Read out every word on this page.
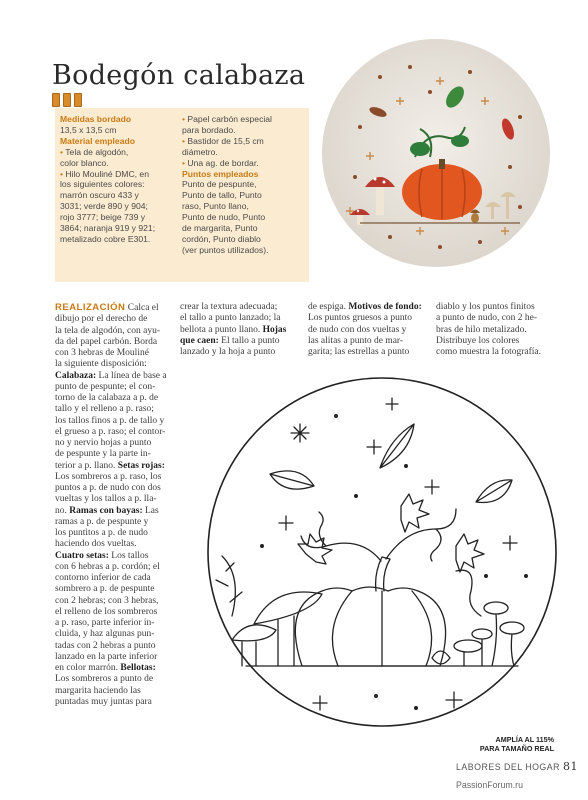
Bodegón calabaza
Medidas bordado
13,5 x 13,5 cm
Material empleado
• Tela de algodón,
color blanco.
• Hilo Mouliné DMC, en
los siguientes colores:
marrón oscuro 433 y
3031; verde 890 y 904;
rojo 3777; beige 739 y
3864; naranja 919 y 921;
metalizado cobre E301.
• Papel carbón especial
para bordado.
• Bastidor de 15,5 cm
diámetro.
• Una ag. de bordar.
Puntos empleados
Punto de pespunte,
Punto de tallo, Punto
raso, Punto llano,
Punto de nudo, Punto
de margarita, Punto
cordón, Punto diablo
(ver puntos utilizados).
REALIZACIÓN Calca el
dibujo por el derecho de
la tela de algodón, con ayu-
da del papel carbón. Borda
con 3 hebras de Mouliné
la siguiente disposición:
Calabaza: La línea de base a
punto de pespunte; el con-
torno de la calabaza a p. de
tallo y el relleno a p. raso;
los tallos finos a p. de tallo y
el grueso a p. raso; el contor-
no y nervio hojas a punto
de pespunte y la parte in-
terior a p. llano. Setas rojas:
Los sombreros a p. raso, los
puntos a p. de nudo con dos
vueltas y los tallos a p. lla-
no. Ramas con bayas: Las
ramas a p. de pespunte y
los puntitos a p. de nudo
haciendo dos vueltas.
Cuatro setas: Los tallos
con 6 hebras a p. cordón; el
contorno inferior de cada
sombrero a p. de pespunte
con 2 hebras; con 3 hebras,
el relleno de los sombreros
a p. raso, parte inferior in-
cluida, y haz algunas pun-
tadas con 2 hebras a punto
lanzado en la parte inferior
en color marrón. Bellotas:
Los sombreros a punto de
margarita haciendo las
puntadas muy juntas para
crear la textura adecuada;
el tallo a punto lanzado; la
bellota a punto llano. Hojas
que caen: El tallo a punto
lanzado y la hoja a punto
de espiga. Motivos de fondo:
Los puntos gruesos a punto
de nudo con dos vueltas y
las alitas a punto de mar-
garita; las estrellas a punto
diablo y los puntos finitos
a punto de nudo, con 2 he-
bras de hilo metalizado.
Distribuye los colores
como muestra la fotografía.
AMPLÍA AL 115%
PARA TAMAÑO REAL
LABORES DEL HOGAR 81
PassionForum.ru
